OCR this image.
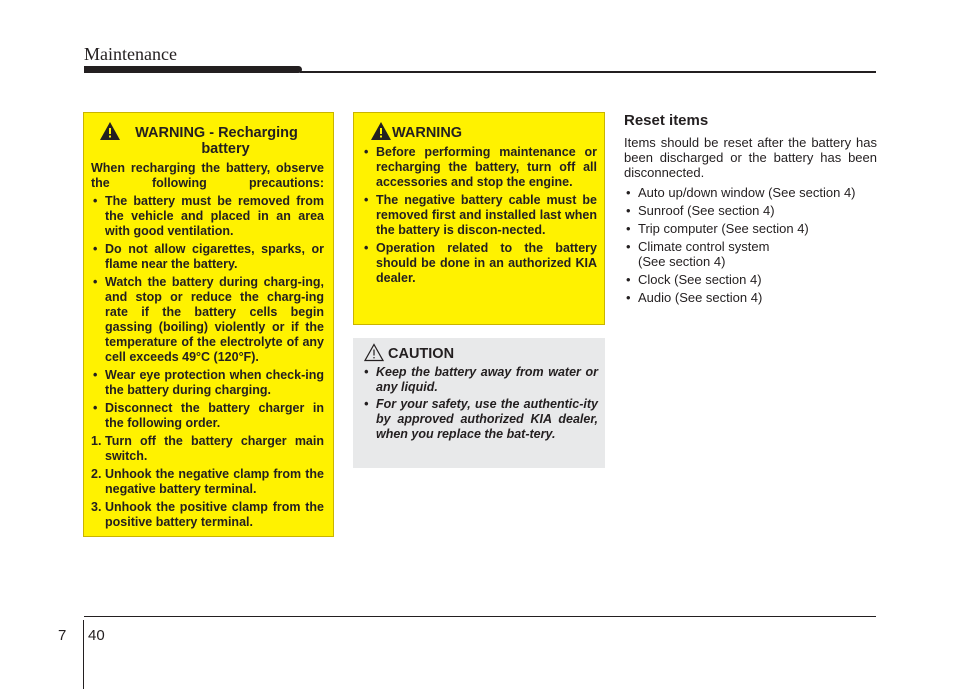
Maintenance
WARNING - Recharging
battery

When recharging the battery, observe the following precautions:

• The battery must be removed from the vehicle and placed in an area with good ventilation.
• Do not allow cigarettes, sparks, or flame near the battery.
• Watch the battery during charg-ing, and stop or reduce the charg-ing rate if the battery cells begin gassing (boiling) violently or if the temperature of the electrolyte of any cell exceeds 49°C (120°F).
• Wear eye protection when check-ing the battery during charging.
• Disconnect the battery charger in the following order.
1. Turn off the battery charger main switch.
2. Unhook the negative clamp from the negative battery terminal.
3. Unhook the positive clamp from the positive battery terminal.
WARNING
• Before performing maintenance or recharging the battery, turn off all accessories and stop the engine.
• The negative battery cable must be removed first and installed last when the battery is discon-nected.
• Operation related to the battery should be done in an authorized KIA dealer.
CAUTION
• Keep the battery away from water or any liquid.
• For your safety, use the authentic-ity by approved authorized KIA dealer, when you replace the bat-tery.
Reset items

Items should be reset after the battery has been discharged or the battery has been disconnected.

• Auto up/down window (See section 4)
• Sunroof (See section 4)
• Trip computer (See section 4)
• Climate control system (See section 4)
• Clock (See section 4)
• Audio (See section 4)
7 40
